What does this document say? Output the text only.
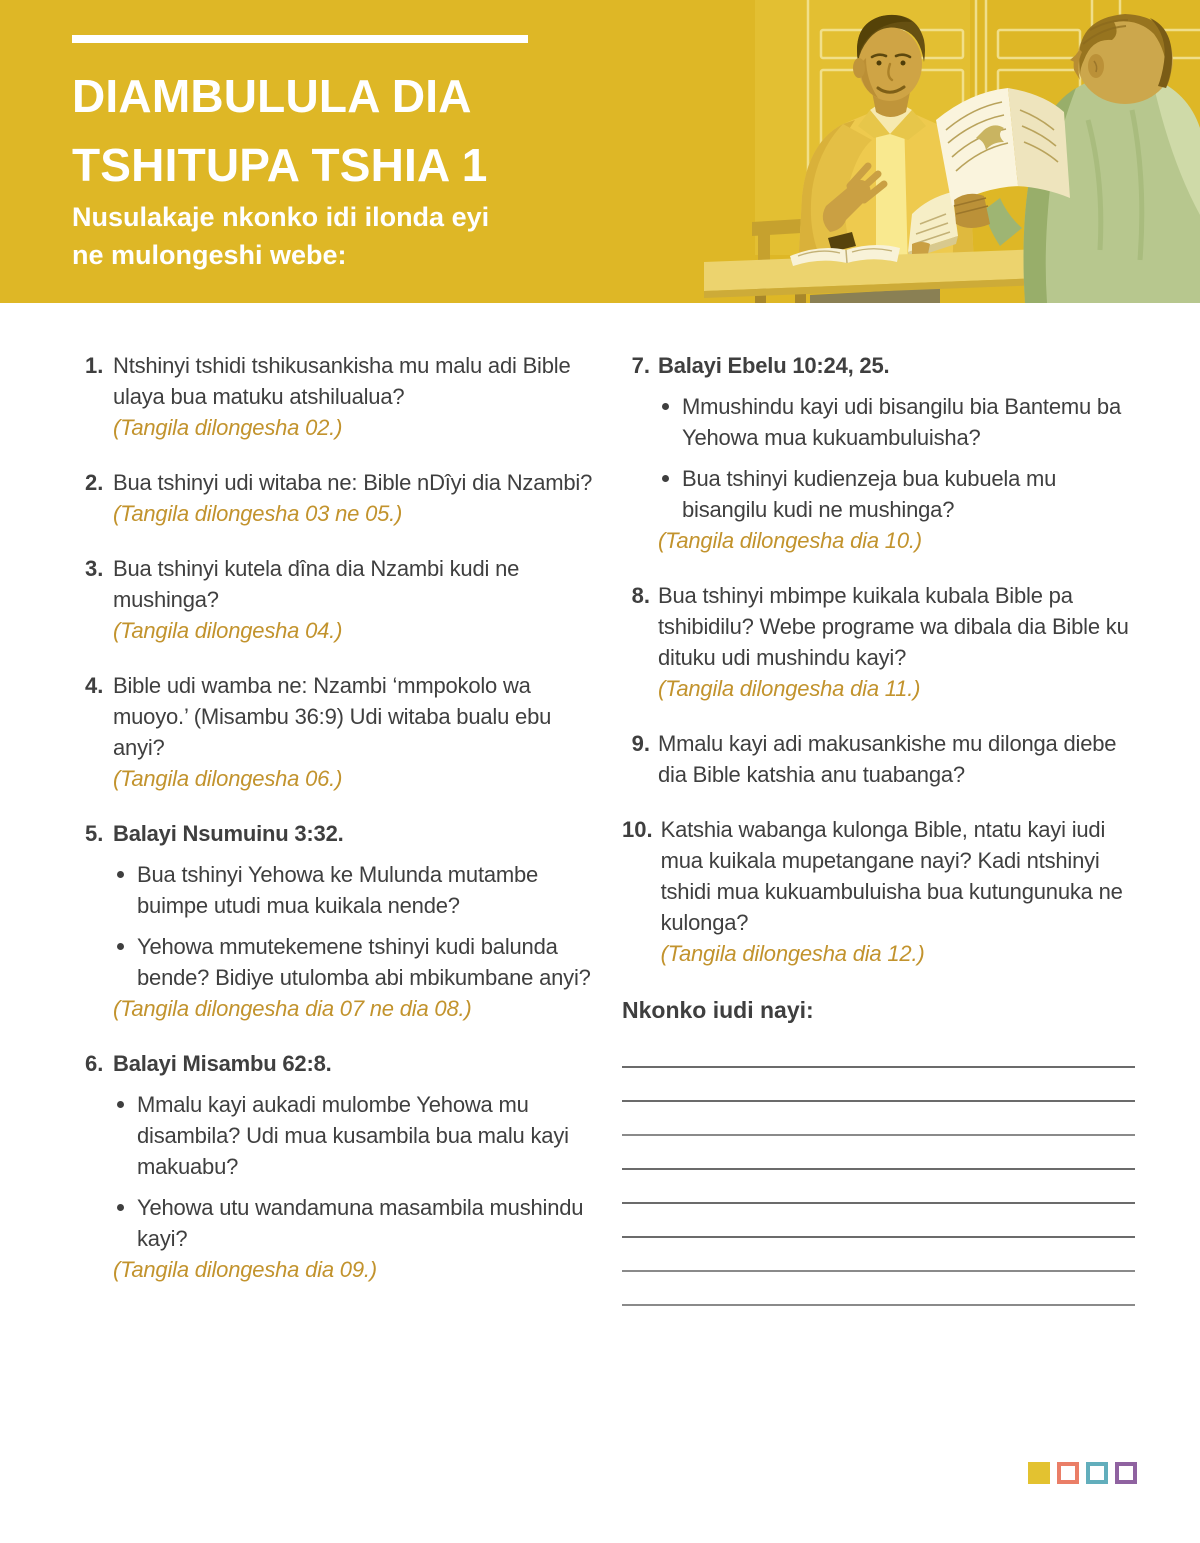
DIAMBULULA DIA
TSHITUPA TSHIA 1

Nusulakaje nkonko idi ilonda eyi
ne mulongeshi webe:

1. Ntshinyi tshidi tshikusankisha mu malu adi Bible ulaya bua matuku atshilualua?

(Tangila dilongesha 02.)

2. Bua tshinyi udi witaba ne: Bible nDîyi dia Nzambi?

(Tangila dilongesha 03 ne 05.)

3. Bua tshinyi kutela dîna dia Nzambi kudi ne mushinga?

(Tangila dilongesha 04.)

4. Bible udi wamba ne: Nzambi ‘mmpokolo wa muoyo.’ (Misambu 36:9) Udi witaba bualu ebu anyi?

(Tangila dilongesha 06.)

5. Balayi Nsumuinu 3:32.

Bua tshinyi Yehowa ke Mulunda mutambe buimpe utudi mua kuikala nende?

Yehowa mmutekemene tshinyi kudi balunda bende? Bidiye utulomba abi mbikumbane anyi?

(Tangila dilongesha dia 07 ne dia 08.)

6. Balayi Misambu 62:8.

Mmalu kayi aukadi mulombe Yehowa mu disambila? Udi mua kusambila bua malu kayi makuabu?

Yehowa utu wandamuna masambila mushindu kayi?

(Tangila dilongesha dia 09.)

7. Balayi Ebelu 10:24, 25.

Mmushindu kayi udi bisangilu bia Bantemu ba Yehowa mua kukuambuluisha?

Bua tshinyi kudienzeja bua kubuela mu bisangilu kudi ne mushinga?

(Tangila dilongesha dia 10.)

8. Bua tshinyi mbimpe kuikala kubala Bible pa tshibidilu? Webe programe wa dibala dia Bible ku dituku udi mushindu kayi?

(Tangila dilongesha dia 11.)

9. Mmalu kayi adi makusankishe mu dilonga diebe dia Bible katshia anu tuabanga?

10. Katshia wabanga kulonga Bible, ntatu kayi iudi mua kuikala mupetangane nayi? Kadi ntshinyi tshidi mua kukuambuluisha bua kutungunuka ne kulonga?

(Tangila dilongesha dia 12.)

Nkonko iudi nayi:
